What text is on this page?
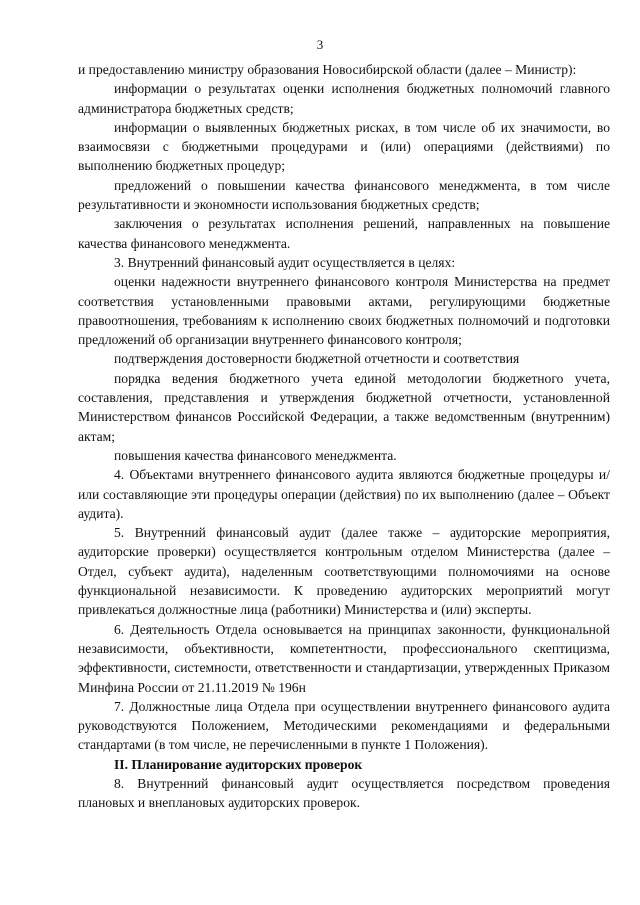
3

и предоставлению министру образования Новосибирской области (далее – Министр):

информации о результатах оценки исполнения бюджетных полномочий главного администратора бюджетных средств;

информации о выявленных бюджетных рисках, в том числе об их значимости, во взаимосвязи с бюджетными процедурами и (или) операциями (действиями) по выполнению бюджетных процедур;

предложений о повышении качества финансового менеджмента, в том числе результативности и экономности использования бюджетных средств;

заключения о результатах исполнения решений, направленных на повышение качества финансового менеджмента.

3. Внутренний финансовый аудит осуществляется в целях:

оценки надежности внутреннего финансового контроля Министерства на предмет соответствия установленными правовыми актами, регулирующими бюджетные правоотношения, требованиям к исполнению своих бюджетных полномочий и подготовки предложений об организации внутреннего финансового контроля;

подтверждения достоверности бюджетной отчетности и соответствия

порядка ведения бюджетного учета единой методологии бюджетного учета, составления, представления и утверждения бюджетной отчетности, установленной Министерством финансов Российской Федерации, а также ведомственным (внутренним) актам;

повышения качества финансового менеджмента.

4. Объектами внутреннего финансового аудита являются бюджетные процедуры и/или составляющие эти процедуры операции (действия) по их выполнению (далее – Объект аудита).

5. Внутренний финансовый аудит (далее также – аудиторские мероприятия, аудиторские проверки) осуществляется контрольным отделом Министерства (далее – Отдел, субъект аудита), наделенным соответствующими полномочиями на основе функциональной независимости. К проведению аудиторских мероприятий могут привлекаться должностные лица (работники) Министерства и (или) эксперты.

6. Деятельность Отдела основывается на принципах законности, функциональной независимости, объективности, компетентности, профессионального скептицизма, эффективности, системности, ответственности и стандартизации, утвержденных Приказом Минфина России от 21.11.2019 № 196н

7. Должностные лица Отдела при осуществлении внутреннего финансового аудита руководствуются Положением, Методическими рекомендациями и федеральными стандартами (в том числе, не перечисленными в пункте 1 Положения).

II. Планирование аудиторских проверок

8. Внутренний финансовый аудит осуществляется посредством проведения плановых и внеплановых аудиторских проверок.
